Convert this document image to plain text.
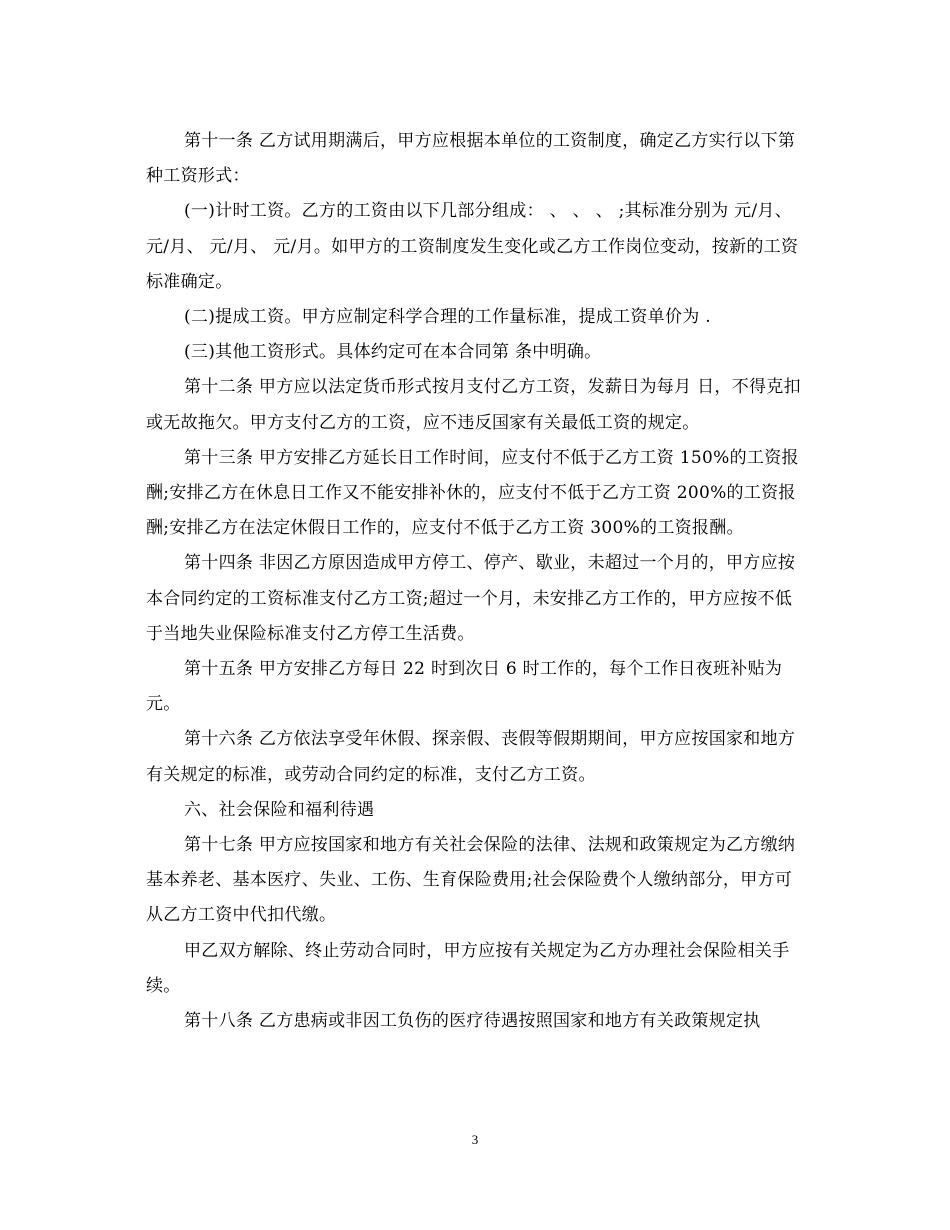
第十一条 乙方试用期满后，甲方应根据本单位的工资制度，确定乙方实行以下第 种工资形式：

(一)计时工资。乙方的工资由以下几部分组成： 、 、 、 ;其标准分别为 元/月、 元/月、 元/月、 元/月。如甲方的工资制度发生变化或乙方工作岗位变动，按新的工资标准确定。

(二)提成工资。甲方应制定科学合理的工作量标准，提成工资单价为 .

(三)其他工资形式。具体约定可在本合同第 条中明确。

第十二条 甲方应以法定货币形式按月支付乙方工资，发薪日为每月 日，不得克扣或无故拖欠。甲方支付乙方的工资，应不违反国家有关最低工资的规定。

第十三条 甲方安排乙方延长日工作时间，应支付不低于乙方工资 150%的工资报酬;安排乙方在休息日工作又不能安排补休的，应支付不低于乙方工资 200%的工资报酬;安排乙方在法定休假日工作的，应支付不低于乙方工资 300%的工资报酬。

第十四条 非因乙方原因造成甲方停工、停产、歇业，未超过一个月的，甲方应按本合同约定的工资标准支付乙方工资;超过一个月，未安排乙方工作的，甲方应按不低于当地失业保险标准支付乙方停工生活费。

第十五条 甲方安排乙方每日 22 时到次日 6 时工作的，每个工作日夜班补贴为 元。

第十六条 乙方依法享受年休假、探亲假、丧假等假期期间，甲方应按国家和地方有关规定的标准，或劳动合同约定的标准，支付乙方工资。

六、社会保险和福利待遇

第十七条 甲方应按国家和地方有关社会保险的法律、法规和政策规定为乙方缴纳基本养老、基本医疗、失业、工伤、生育保险费用;社会保险费个人缴纳部分，甲方可从乙方工资中代扣代缴。

甲乙双方解除、终止劳动合同时，甲方应按有关规定为乙方办理社会保险相关手续。

第十八条 乙方患病或非因工负伤的医疗待遇按照国家和地方有关政策规定执

3
